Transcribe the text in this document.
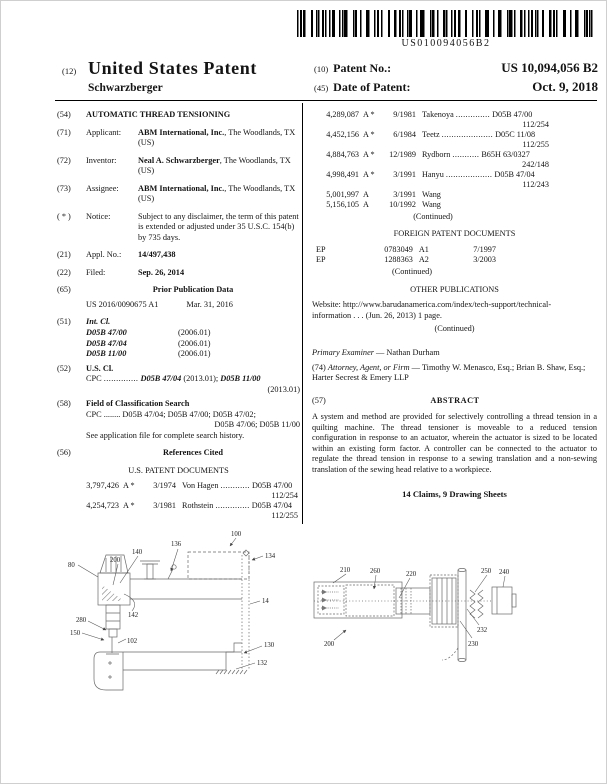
US010094056B2
(12) United States Patent
Schwarzberger
(10) Patent No.:	US 10,094,056 B2
(45) Date of Patent:	Oct. 9, 2018
(54)	AUTOMATIC THREAD TENSIONING
(71)	Applicant:	ABM International, Inc., The Woodlands, TX (US)
(72)	Inventor:	Neal A. Schwarzberger, The Woodlands, TX (US)
(73)	Assignee:	ABM International, Inc., The Woodlands, TX (US)
( * )	Notice:	Subject to any disclaimer, the term of this patent is extended or adjusted under 35 U.S.C. 154(b) by 735 days.
(21)	Appl. No.:	14/497,438
(22)	Filed:	Sep. 26, 2014
(65)	Prior Publication Data
US 2016/0090675 A1	Mar. 31, 2016
(51)	Int. Cl.
D05B 47/00	(2006.01)
D05B 47/04	(2006.01)
D05B 11/00	(2006.01)
(52)	U.S. Cl.
CPC .............. D05B 47/04 (2013.01); D05B 11/00
(2013.01)
(58)	Field of Classification Search
CPC ........ D05B 47/04; D05B 47/00; D05B 47/02;
D05B 47/06; D05B 11/00
See application file for complete search history.
(56)	References Cited
U.S. PATENT DOCUMENTS
3,797,426 A *	3/1974 Von Hagen ............ D05B 47/00
112/254
4,254,723 A *	3/1981 Rothstein .............. D05B 47/04
112/255
4,289,087 A *	9/1981 Takenoya .............. D05B 47/00
112/254
4,452,156 A *	6/1984 Teetz ..................... D05C 11/08
112/255
4,884,763 A *	12/1989 Rydborn ........... B65H 63/0327
242/148
4,998,491 A *	3/1991 Hanyu ................... D05B 47/04
112/243
5,001,997 A	3/1991 Wang
5,156,105 A	10/1992 Wang
(Continued)
FOREIGN PATENT DOCUMENTS
EP	0783049 A1	7/1997
EP	1288363 A2	3/2003
(Continued)
OTHER PUBLICATIONS
Website: http://www.barudanamerica.com/index/tech-support/technical-
information . . . (Jun. 26, 2013) 1 page.
(Continued)
Primary Examiner — Nathan Durham
(74) Attorney, Agent, or Firm — Timothy W. Menasco, Esq.; Brian B. Shaw, Esq.; Harter Secrest & Emery LLP
(57)	ABSTRACT
A system and method are provided for selectively controlling a thread tension in a quilting machine. The thread tensioner is moveable to a reduced tension configuration in response to an actuator, wherein the actuator is sized to be located within an existing form factor. A controller can be connected to the actuator to regulate the thread tension in response to a sewing translation and a non-sewing translation of the sewing head relative to a workpiece.
14 Claims, 9 Drawing Sheets
80
200
140
136
100
134
14
142
280
150
102
130
132
210	260	220	250 240
232
230
200
